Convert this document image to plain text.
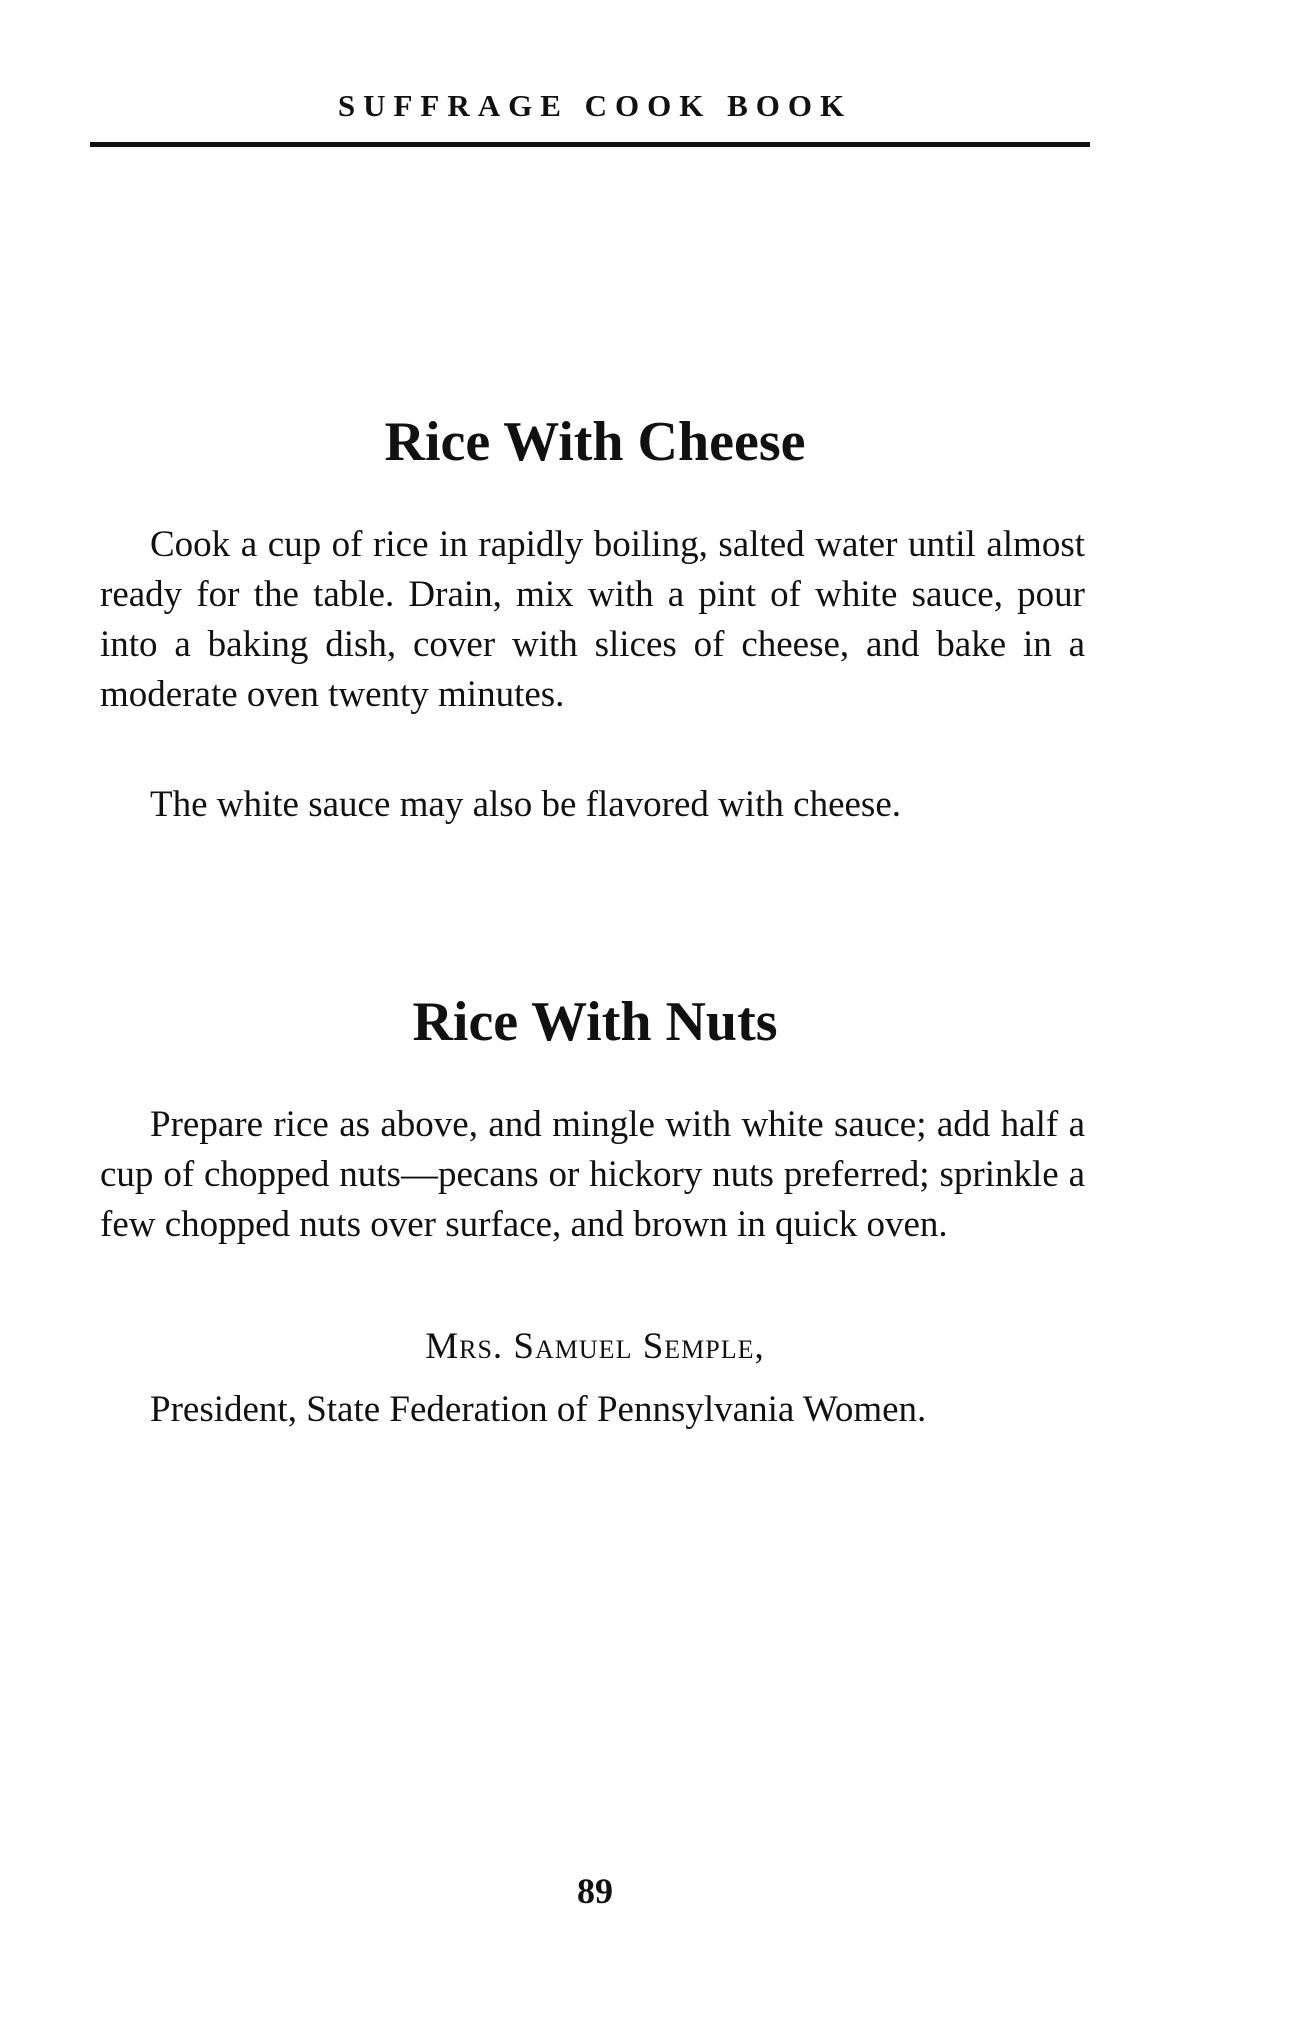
SUFFRAGE COOK BOOK
Rice With Cheese

Cook a cup of rice in rapidly boiling, salted water until almost ready for the table. Drain, mix with a pint of white sauce, pour into a baking dish, cover with slices of cheese, and bake in a moderate oven twenty minutes.

The white sauce may also be flavored with cheese.

Rice With Nuts

Prepare rice as above, and mingle with white sauce; add half a cup of chopped nuts—pecans or hickory nuts preferred; sprinkle a few chopped nuts over surface, and brown in quick oven.

Mrs. Samuel Semple,

President, State Federation of Pennsylvania Women.

89
